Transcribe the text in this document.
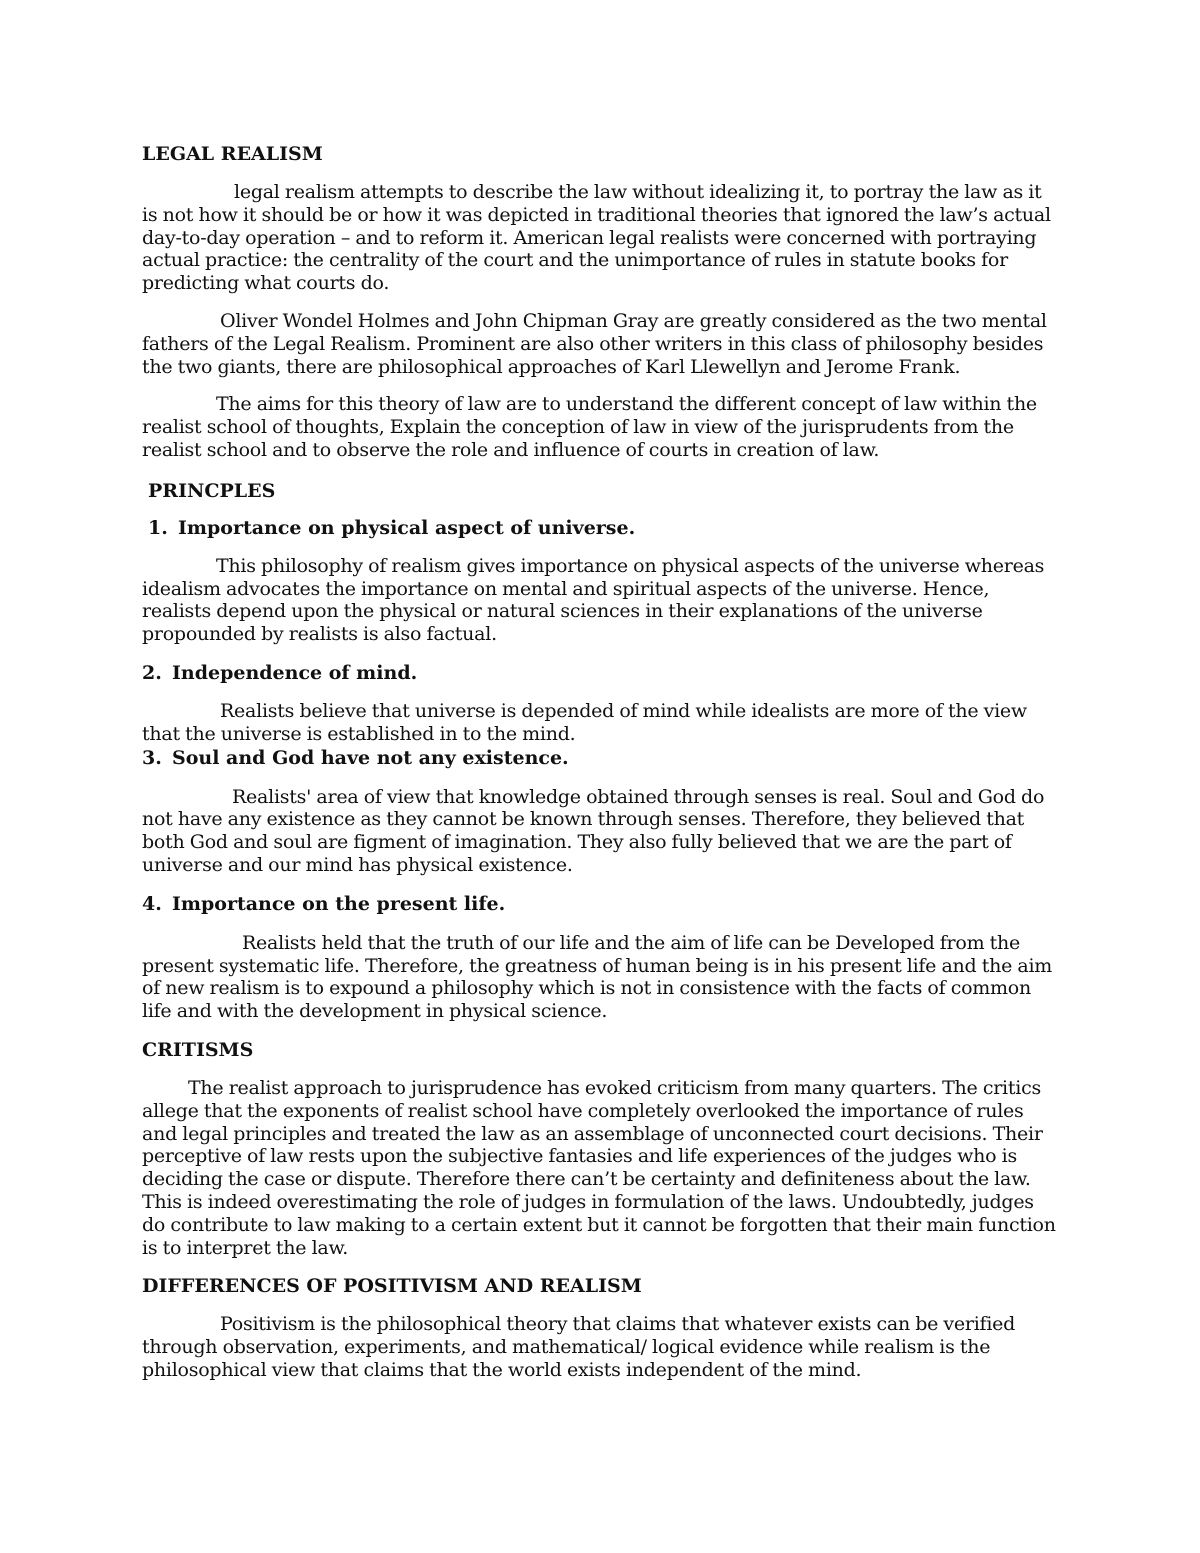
LEGAL REALISM

legal realism attempts to describe the law without idealizing it, to portray the law as it is not how it should be or how it was depicted in traditional theories that ignored the law’s actual day-to-day operation – and to reform it. American legal realists were concerned with portraying actual practice: the centrality of the court and the unimportance of rules in statute books for predicting what courts do.

Oliver Wondel Holmes and John Chipman Gray are greatly considered as the two mental fathers of the Legal Realism. Prominent are also other writers in this class of philosophy besides the two giants, there are philosophical approaches of Karl Llewellyn and Jerome Frank.

The aims for this theory of law are to understand the different concept of law within the realist school of thoughts, Explain the conception of law in view of the jurisprudents from the realist school and to observe the role and influence of courts in creation of law.

PRINCPLES

1. Importance on physical aspect of universe.

This philosophy of realism gives importance on physical aspects of the universe whereas idealism advocates the importance on mental and spiritual aspects of the universe. Hence, realists depend upon the physical or natural sciences in their explanations of the universe propounded by realists is also factual.

2. Independence of mind.

Realists believe that universe is depended of mind while idealists are more of the view that the universe is established in to the mind.

3. Soul and God have not any existence.

Realists' area of view that knowledge obtained through senses is real. Soul and God do not have any existence as they cannot be known through senses. Therefore, they believed that both God and soul are figment of imagination. They also fully believed that we are the part of universe and our mind has physical existence.

4. Importance on the present life.

Realists held that the truth of our life and the aim of life can be Developed from the present systematic life. Therefore, the greatness of human being is in his present life and the aim of new realism is to expound a philosophy which is not in consistence with the facts of common life and with the development in physical science.

CRITISMS

The realist approach to jurisprudence has evoked criticism from many quarters. The critics allege that the exponents of realist school have completely overlooked the importance of rules and legal principles and treated the law as an assemblage of unconnected court decisions. Their perceptive of law rests upon the subjective fantasies and life experiences of the judges who is deciding the case or dispute. Therefore there can’t be certainty and definiteness about the law. This is indeed overestimating the role of judges in formulation of the laws. Undoubtedly, judges do contribute to law making to a certain extent but it cannot be forgotten that their main function is to interpret the law.

DIFFERENCES OF POSITIVISM AND REALISM

Positivism is the philosophical theory that claims that whatever exists can be verified through observation, experiments, and mathematical/ logical evidence while realism is the philosophical view that claims that the world exists independent of the mind.
